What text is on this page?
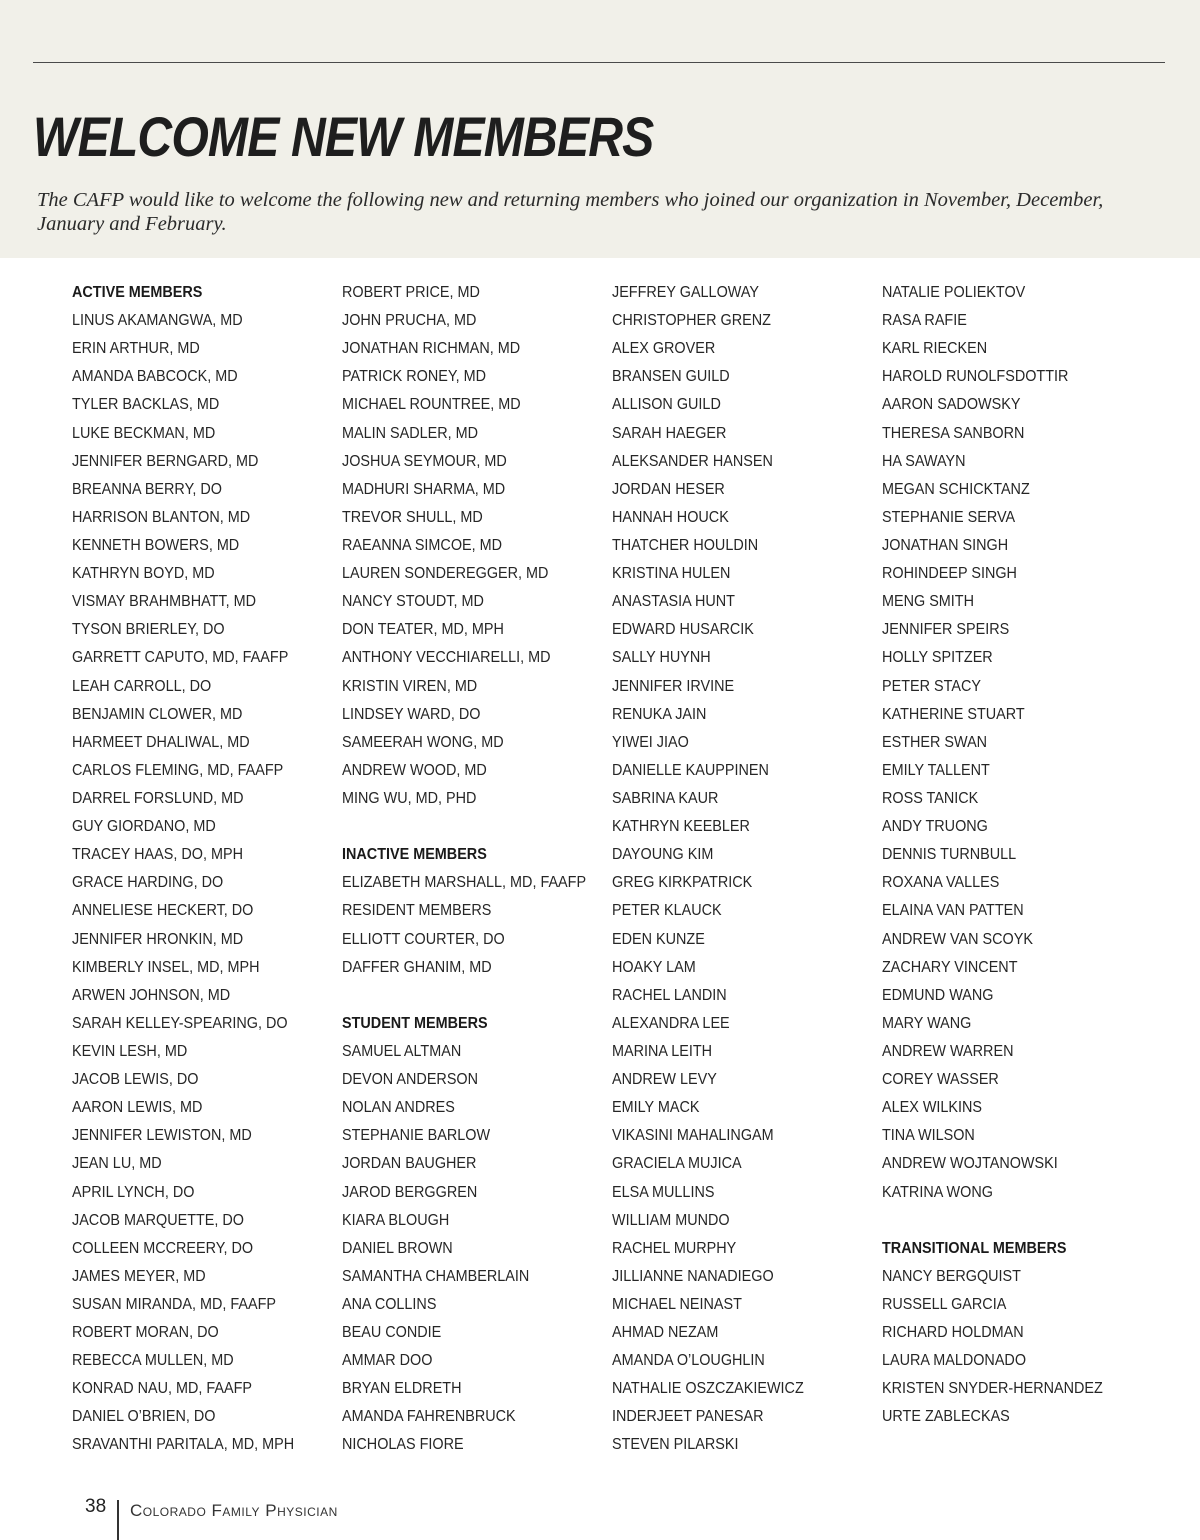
WELCOME NEW MEMBERS

The CAFP would like to welcome the following new and returning members who joined our organization in November, December, January and February.

ACTIVE MEMBERS
LINUS AKAMANGWA, MD
ERIN ARTHUR, MD
AMANDA BABCOCK, MD
TYLER BACKLAS, MD
LUKE BECKMAN, MD
JENNIFER BERNGARD, MD
BREANNA BERRY, DO
HARRISON BLANTON, MD
KENNETH BOWERS, MD
KATHRYN BOYD, MD
VISMAY BRAHMBHATT, MD
TYSON BRIERLEY, DO
GARRETT CAPUTO, MD, FAAFP
LEAH CARROLL, DO
BENJAMIN CLOWER, MD
HARMEET DHALIWAL, MD
CARLOS FLEMING, MD, FAAFP
DARREL FORSLUND, MD
GUY GIORDANO, MD
TRACEY HAAS, DO, MPH
GRACE HARDING, DO
ANNELIESE HECKERT, DO
JENNIFER HRONKIN, MD
KIMBERLY INSEL, MD, MPH
ARWEN JOHNSON, MD
SARAH KELLEY-SPEARING, DO
KEVIN LESH, MD
JACOB LEWIS, DO
AARON LEWIS, MD
JENNIFER LEWISTON, MD
JEAN LU, MD
APRIL LYNCH, DO
JACOB MARQUETTE, DO
COLLEEN MCCREERY, DO
JAMES MEYER, MD
SUSAN MIRANDA, MD, FAAFP
ROBERT MORAN, DO
REBECCA MULLEN, MD
KONRAD NAU, MD, FAAFP
DANIEL O’BRIEN, DO
SRAVANTHI PARITALA, MD, MPH
ROBERT PRICE, MD
JOHN PRUCHA, MD
JONATHAN RICHMAN, MD
PATRICK RONEY, MD
MICHAEL ROUNTREE, MD
MALIN SADLER, MD
JOSHUA SEYMOUR, MD
MADHURI SHARMA, MD
TREVOR SHULL, MD
RAEANNA SIMCOE, MD
LAUREN SONDEREGGER, MD
NANCY STOUDT, MD
DON TEATER, MD, MPH
ANTHONY VECCHIARELLI, MD
KRISTIN VIREN, MD
LINDSEY WARD, DO
SAMEERAH WONG, MD
ANDREW WOOD, MD
MING WU, MD, PHD
INACTIVE MEMBERS
ELIZABETH MARSHALL, MD, FAAFP
RESIDENT MEMBERS
ELLIOTT COURTER, DO
DAFFER GHANIM, MD
STUDENT MEMBERS
SAMUEL ALTMAN
DEVON ANDERSON
NOLAN ANDRES
STEPHANIE BARLOW
JORDAN BAUGHER
JAROD BERGGREN
KIARA BLOUGH
DANIEL BROWN
SAMANTHA CHAMBERLAIN
ANA COLLINS
BEAU CONDIE
AMMAR DOO
BRYAN ELDRETH
AMANDA FAHRENBRUCK
NICHOLAS FIORE
JEFFREY GALLOWAY
CHRISTOPHER GRENZ
ALEX GROVER
BRANSEN GUILD
ALLISON GUILD
SARAH HAEGER
ALEKSANDER HANSEN
JORDAN HESER
HANNAH HOUCK
THATCHER HOULDIN
KRISTINA HULEN
ANASTASIA HUNT
EDWARD HUSARCIK
SALLY HUYNH
JENNIFER IRVINE
RENUKA JAIN
YIWEI JIAO
DANIELLE KAUPPINEN
SABRINA KAUR
KATHRYN KEEBLER
DAYOUNG KIM
GREG KIRKPATRICK
PETER KLAUCK
EDEN KUNZE
HOAKY LAM
RACHEL LANDIN
ALEXANDRA LEE
MARINA LEITH
ANDREW LEVY
EMILY MACK
VIKASINI MAHALINGAM
GRACIELA MUJICA
ELSA MULLINS
WILLIAM MUNDO
RACHEL MURPHY
JILLIANNE NANADIEGO
MICHAEL NEINAST
AHMAD NEZAM
AMANDA O’LOUGHLIN
NATHALIE OSZCZAKIEWICZ
INDERJEET PANESAR
STEVEN PILARSKI
NATALIE POLIEKTOV
RASA RAFIE
KARL RIECKEN
HAROLD RUNOLFSDOTTIR
AARON SADOWSKY
THERESA SANBORN
HA SAWAYN
MEGAN SCHICKTANZ
STEPHANIE SERVA
JONATHAN SINGH
ROHINDEEP SINGH
MENG SMITH
JENNIFER SPEIRS
HOLLY SPITZER
PETER STACY
KATHERINE STUART
ESTHER SWAN
EMILY TALLENT
ROSS TANICK
ANDY TRUONG
DENNIS TURNBULL
ROXANA VALLES
ELAINA VAN PATTEN
ANDREW VAN SCOYK
ZACHARY VINCENT
EDMUND WANG
MARY WANG
ANDREW WARREN
COREY WASSER
ALEX WILKINS
TINA WILSON
ANDREW WOJTANOWSKI
KATRINA WONG
TRANSITIONAL MEMBERS
NANCY BERGQUIST
RUSSELL GARCIA
RICHARD HOLDMAN
LAURA MALDONADO
KRISTEN SNYDER-HERNANDEZ
URTE ZABLECKAS
38 Colorado Family Physician
